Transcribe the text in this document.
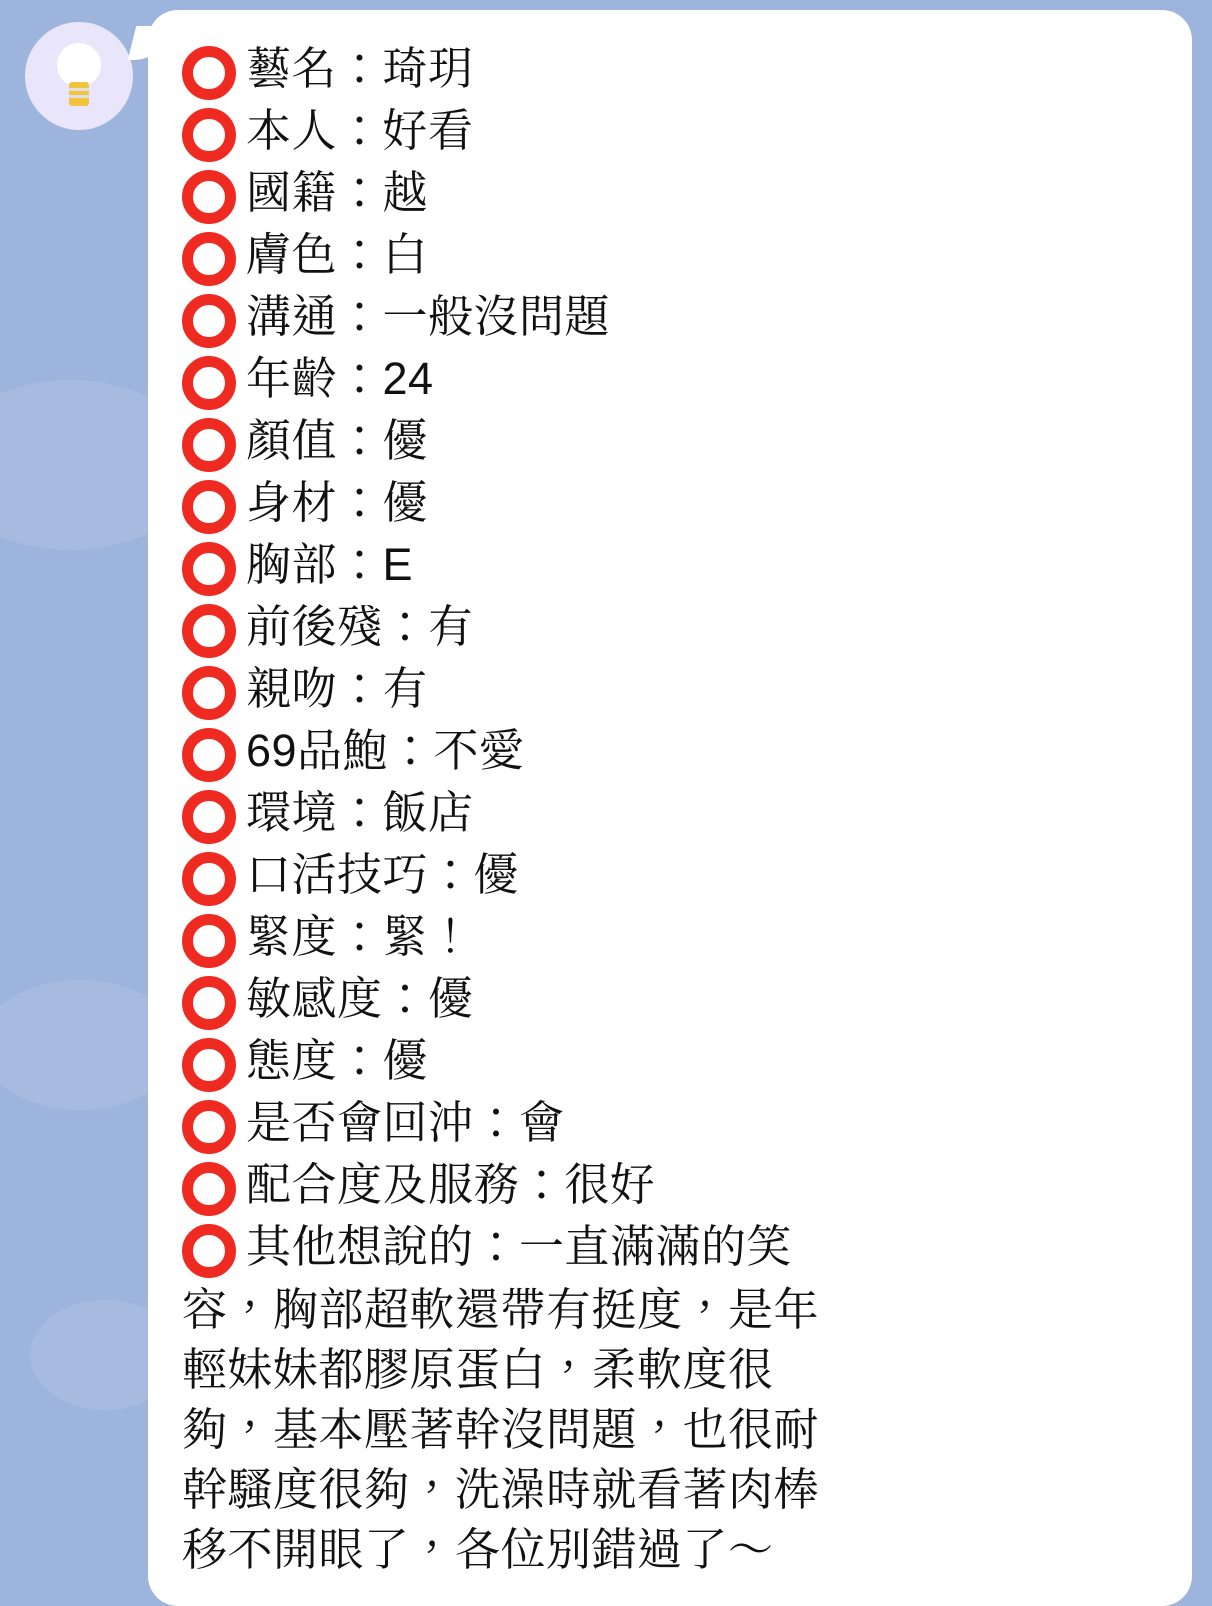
藝名：琦玥
本人：好看
國籍：越
膚色：白
溝通：一般沒問題
年齡：24
顏值：優
身材：優
胸部：E
前後殘：有
親吻：有
69品鮑：不愛
環境：飯店
口活技巧：優
緊度：緊！
敏感度：優
態度：優
是否會回沖：會
配合度及服務：很好
其他想說的：一直滿滿的笑
容，胸部超軟還帶有挺度，是年
輕妹妹都膠原蛋白，柔軟度很
夠，基本壓著幹沒問題，也很耐
幹騷度很夠，洗澡時就看著肉棒
移不開眼了，各位別錯過了～
